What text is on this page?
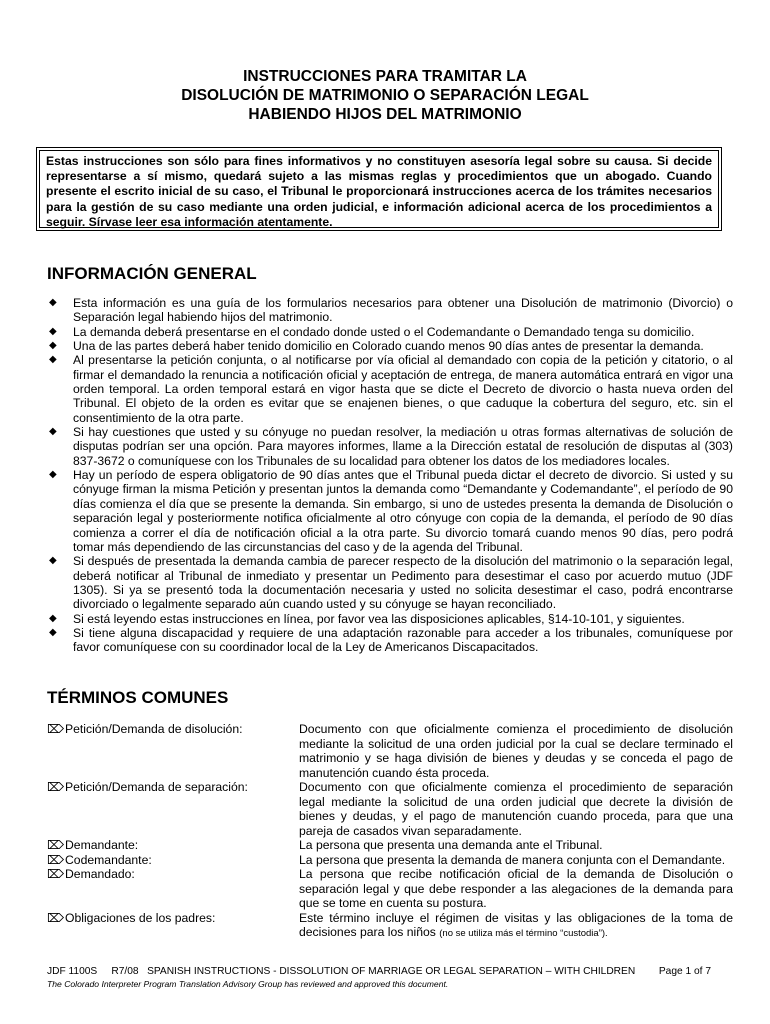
INSTRUCCIONES PARA TRAMITAR LA
DISOLUCIÓN DE MATRIMONIO O SEPARACIÓN LEGAL
HABIENDO HIJOS DEL MATRIMONIO
Estas instrucciones son sólo para fines informativos y no constituyen asesoría legal sobre su causa. Si decide representarse a sí mismo, quedará sujeto a las mismas reglas y procedimientos que un abogado. Cuando presente el escrito inicial de su caso, el Tribunal le proporcionará instrucciones acerca de los trámites necesarios para la gestión de su caso mediante una orden judicial, e información adicional acerca de los procedimientos a seguir. Sírvase leer esa información atentamente.
INFORMACIÓN GENERAL
◆ Esta información es una guía de los formularios necesarios para obtener una Disolución de matrimonio (Divorcio) o Separación legal habiendo hijos del matrimonio.
◆ La demanda deberá presentarse en el condado donde usted o el Codemandante o Demandado tenga su domicilio.
◆ Una de las partes deberá haber tenido domicilio en Colorado cuando menos 90 días antes de presentar la demanda.
◆ Al presentarse la petición conjunta, o al notificarse por vía oficial al demandado con copia de la petición y citatorio, o al firmar el demandado la renuncia a notificación oficial y aceptación de entrega, de manera automática entrará en vigor una orden temporal. La orden temporal estará en vigor hasta que se dicte el Decreto de divorcio o hasta nueva orden del Tribunal. El objeto de la orden es evitar que se enajenen bienes, o que caduque la cobertura del seguro, etc. sin el consentimiento de la otra parte.
◆ Si hay cuestiones que usted y su cónyuge no puedan resolver, la mediación u otras formas alternativas de solución de disputas podrían ser una opción. Para mayores informes, llame a la Dirección estatal de resolución de disputas al (303) 837-3672 o comuníquese con los Tribunales de su localidad para obtener los datos de los mediadores locales.
◆ Hay un período de espera obligatorio de 90 días antes que el Tribunal pueda dictar el decreto de divorcio. Si usted y su cónyuge firman la misma Petición y presentan juntos la demanda como “Demandante y Codemandante”, el período de 90 días comienza el día que se presente la demanda. Sin embargo, si uno de ustedes presenta la demanda de Disolución o separación legal y posteriormente notifica oficialmente al otro cónyuge con copia de la demanda, el período de 90 días comienza a correr el día de notificación oficial a la otra parte. Su divorcio tomará cuando menos 90 días, pero podrá tomar más dependiendo de las circunstancias del caso y de la agenda del Tribunal.
◆ Si después de presentada la demanda cambia de parecer respecto de la disolución del matrimonio o la separación legal, deberá notificar al Tribunal de inmediato y presentar un Pedimento para desestimar el caso por acuerdo mutuo (JDF 1305). Si ya se presentó toda la documentación necesaria y usted no solicita desestimar el caso, podrá encontrarse divorciado o legalmente separado aún cuando usted y su cónyuge se hayan reconciliado.
◆ Si está leyendo estas instrucciones en línea, por favor vea las disposiciones aplicables, §14-10-101, y siguientes.
◆ Si tiene alguna discapacidad y requiere de una adaptación razonable para acceder a los tribunales, comuníquese por favor comuníquese con su coordinador local de la Ley de Americanos Discapacitados.
TÉRMINOS COMUNES
⌦ Petición/Demanda de disolución:	Documento con que oficialmente comienza el procedimiento de disolución mediante la solicitud de una orden judicial por la cual se declare terminado el matrimonio y se haga división de bienes y deudas y se conceda el pago de manutención cuando ésta proceda.
⌦ Petición/Demanda de separación:	Documento con que oficialmente comienza el procedimiento de separación legal mediante la solicitud de una orden judicial que decrete la división de bienes y deudas, y el pago de manutención cuando proceda, para que una pareja de casados vivan separadamente.
⌦ Demandante:	La persona que presenta una demanda ante el Tribunal.
⌦ Codemandante:	La persona que presenta la demanda de manera conjunta con el Demandante.
⌦ Demandado:	La persona que recibe notificación oficial de la demanda de Disolución o separación legal y que debe responder a las alegaciones de la demanda para que se tome en cuenta su postura.
⌦ Obligaciones de los padres:	Este término incluye el régimen de visitas y las obligaciones de la toma de decisiones para los niños (no se utiliza más el término “custodia”).
JDF 1100S R7/08 SPANISH INSTRUCTIONS - DISSOLUTION OF MARRIAGE OR LEGAL SEPARATION – WITH CHILDREN Page 1 of 7
The Colorado Interpreter Program Translation Advisory Group has reviewed and approved this document.
